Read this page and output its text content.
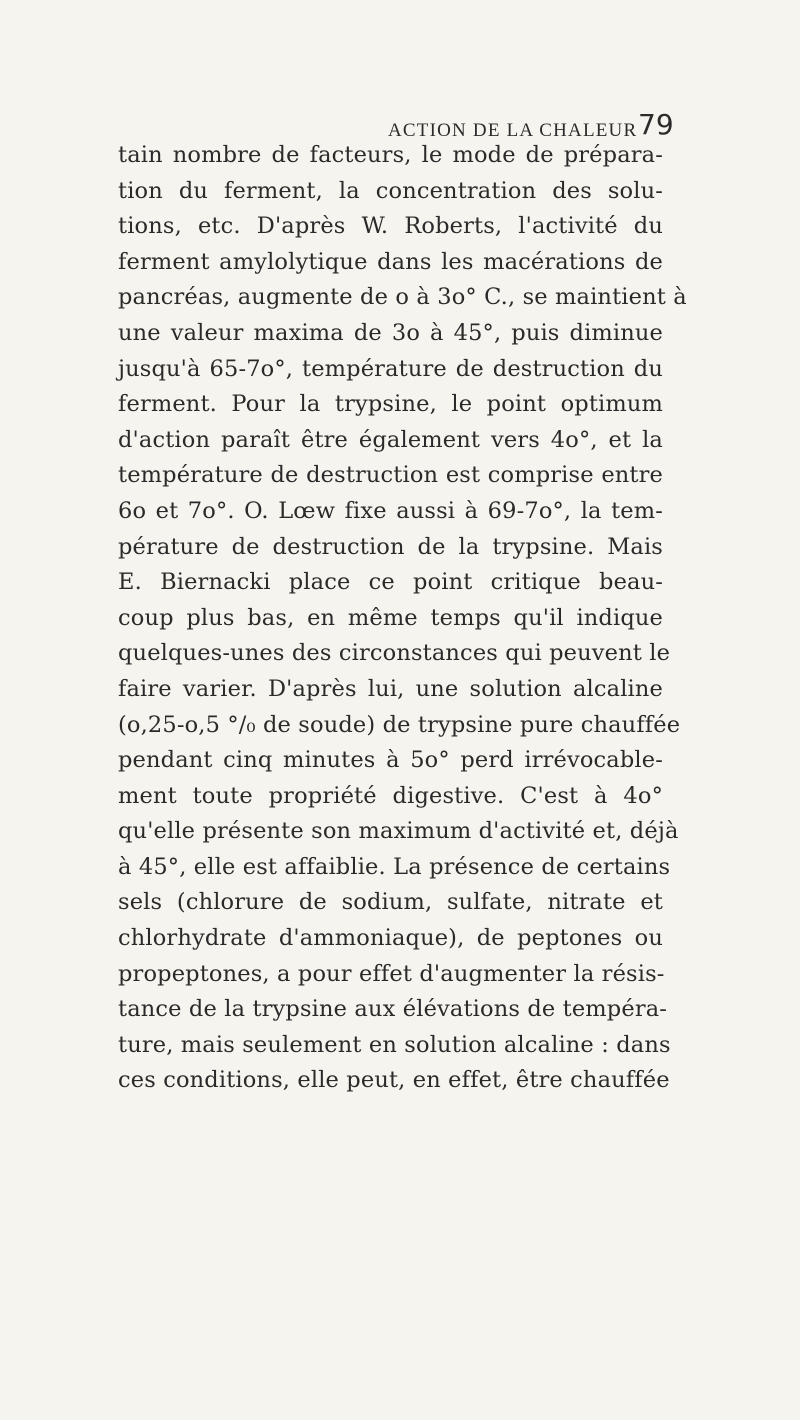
ACTION DE LA CHALEUR 79
tain nombre de facteurs, le mode de prépara-
tion du ferment, la concentration des solu-
tions, etc. D'après W. Roberts, l'activité du
ferment amylolytique dans les macérations de
pancréas, augmente de o à 3o° C., se maintient à
une valeur maxima de 3o à 45°, puis diminue
jusqu'à 65-7o°, température de destruction du
ferment. Pour la trypsine, le point optimum
d'action paraît être également vers 4o°, et la
température de destruction est comprise entre
6o et 7o°. O. Lœw fixe aussi à 69-7o°, la tem-
pérature de destruction de la trypsine. Mais
E. Biernacki place ce point critique beau-
coup plus bas, en même temps qu'il indique
quelques-unes des circonstances qui peuvent le
faire varier. D'après lui, une solution alcaline
(o,25-o,5 °/₀ de soude) de trypsine pure chauffée
pendant cinq minutes à 5o° perd irrévocable-
ment toute propriété digestive. C'est à 4o°
qu'elle présente son maximum d'activité et, déjà
à 45°, elle est affaiblie. La présence de certains
sels (chlorure de sodium, sulfate, nitrate et
chlorhydrate d'ammoniaque), de peptones ou
propeptones, a pour effet d'augmenter la résis-
tance de la trypsine aux élévations de tempéra-
ture, mais seulement en solution alcaline : dans
ces conditions, elle peut, en effet, être chauffée
